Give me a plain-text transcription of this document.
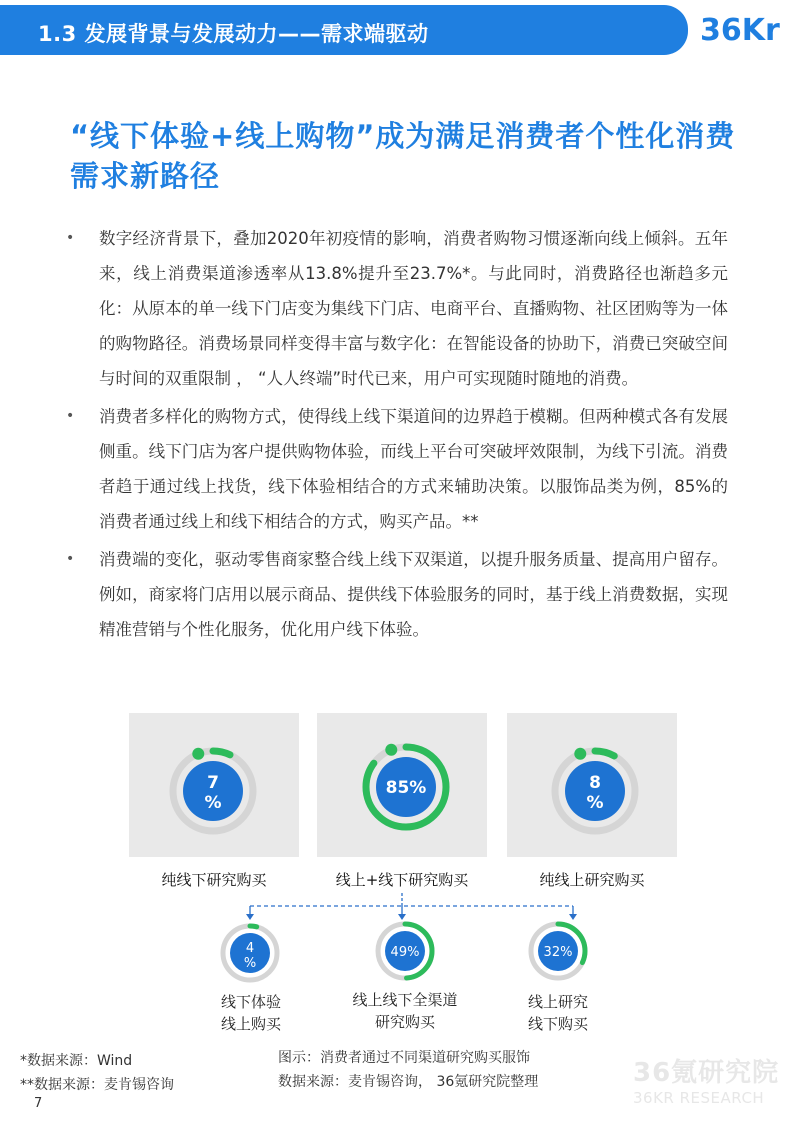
1.3 发展背景与发展动力——需求端驱动	36Kr
“线下体验+线上购物”成为满足消费者个性化消费需求新路径
• 数字经济背景下，叠加2020年初疫情的影响，消费者购物习惯逐渐向线上倾斜。五年来，线上消费渠道渗透率从13.8%提升至23.7%*。与此同时，消费路径也渐趋多元化：从原本的单一线下门店变为集线下门店、电商平台、直播购物、社区团购等为一体的购物路径。消费场景同样变得丰富与数字化：在智能设备的协助下，消费已突破空间与时间的双重限制 ， “人人终端”时代已来，用户可实现随时随地的消费。
• 消费者多样化的购物方式，使得线上线下渠道间的边界趋于模糊。但两种模式各有发展侧重。线下门店为客户提供购物体验，而线上平台可突破坪效限制，为线下引流。消费者趋于通过线上找货，线下体验相结合的方式来辅助决策。以服饰品类为例，85%的消费者通过线上和线下相结合的方式，购买产品。**
• 消费端的变化，驱动零售商家整合线上线下双渠道，以提升服务质量、提高用户留存。例如，商家将门店用以展示商品、提供线下体验服务的同时，基于线上消费数据，实现精准营销与个性化服务，优化用户线下体验。
7 %
85%	8 %
纯线下研究购买	线上+线下研究购买	纯线上研究购买
4 %
49%	32%
线下体验
线上购买
线上线下全渠道
研究购买
线上研究
线下购买
*数据来源：Wind
**数据来源：麦肯锡咨询
图示：消费者通过不同渠道研究购买服饰
数据来源：麦肯锡咨询， 36氪研究院整理	36氪研究院
36KR RESEARCH
7
